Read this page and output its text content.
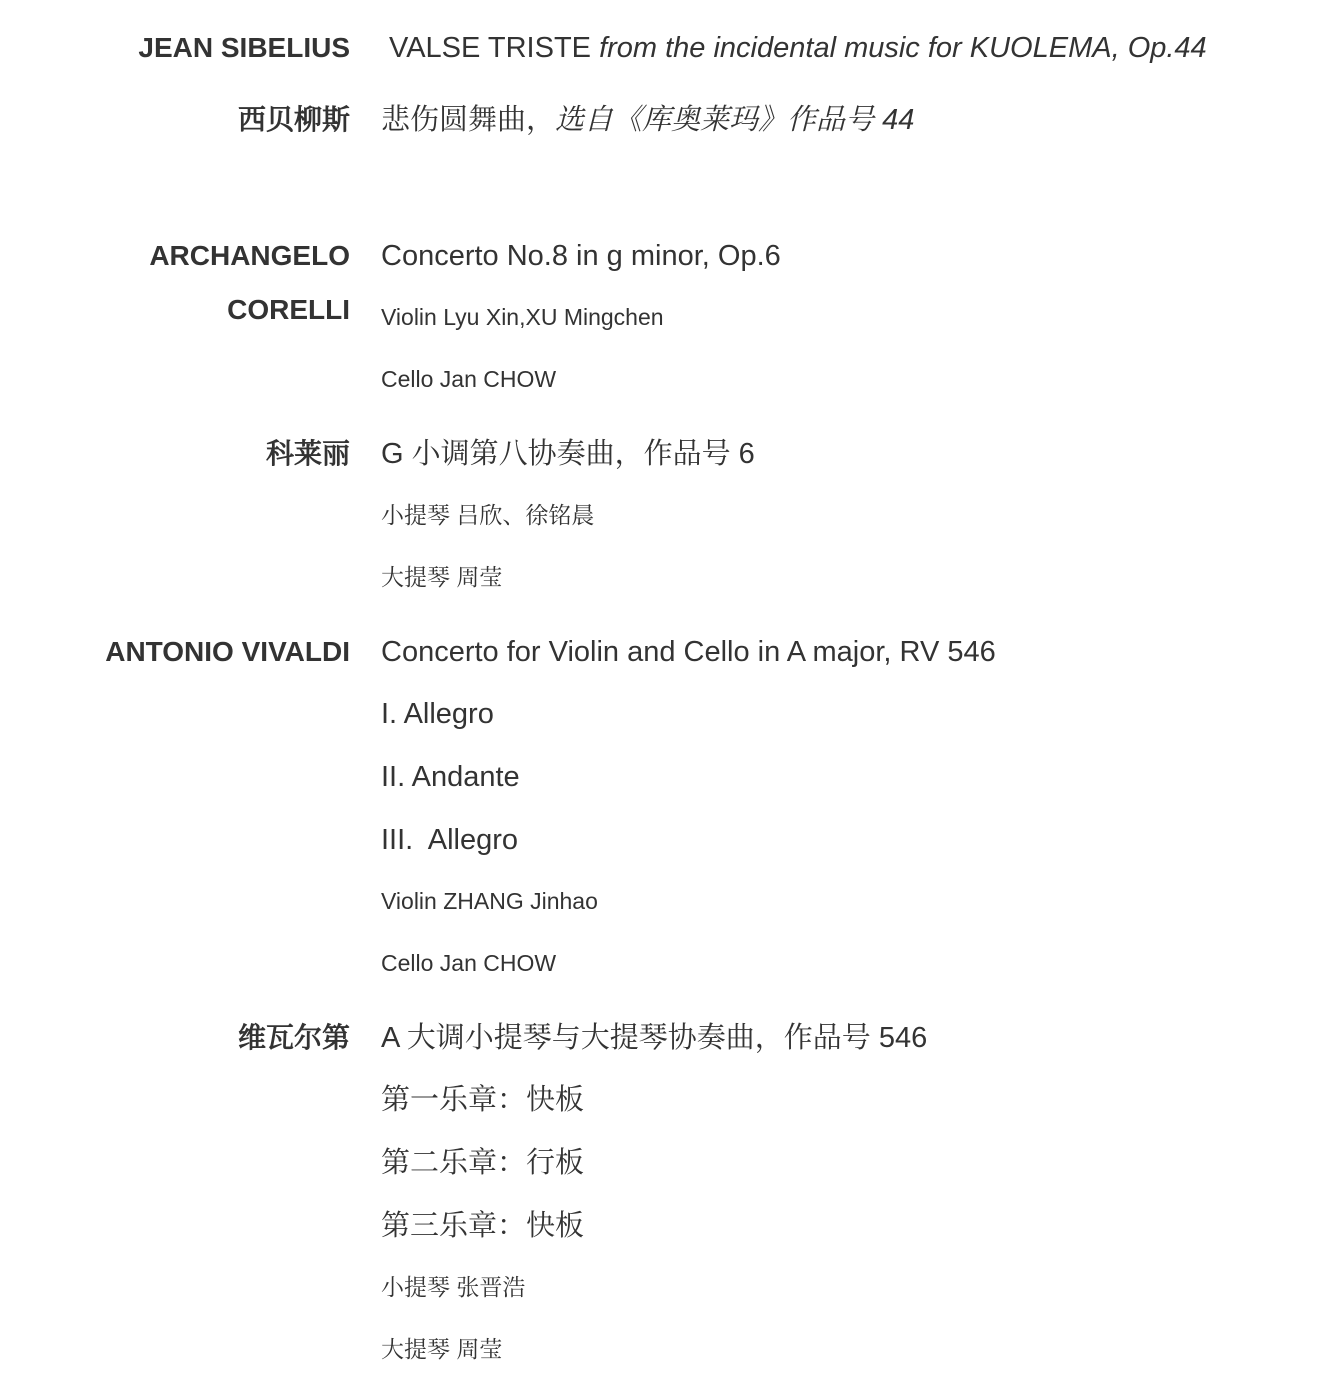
JEAN SIBELIUS VALSE TRISTE from the incidental music for KUOLEMA, Op.44
西贝柳斯 悲伤圆舞曲，选自《库奥莱玛》作品号 44
ARCHANGELO
CORELLI
Concerto No.8 in g minor, Op.6
Violin Lyu Xin,XU Mingchen
Cello Jan CHOW
科莱丽 G 小调第八协奏曲，作品号 6
小提琴 吕欣、徐铭晨
大提琴 周莹
ANTONIO VIVALDI Concerto for Violin and Cello in A major, RV 546
I. Allegro
II. Andante
III.  Allegro
Violin ZHANG Jinhao
Cello Jan CHOW
维瓦尔第 A 大调小提琴与大提琴协奏曲，作品号 546
第一乐章：快板
第二乐章：行板
第三乐章：快板
小提琴 张晋浩
大提琴 周莹
